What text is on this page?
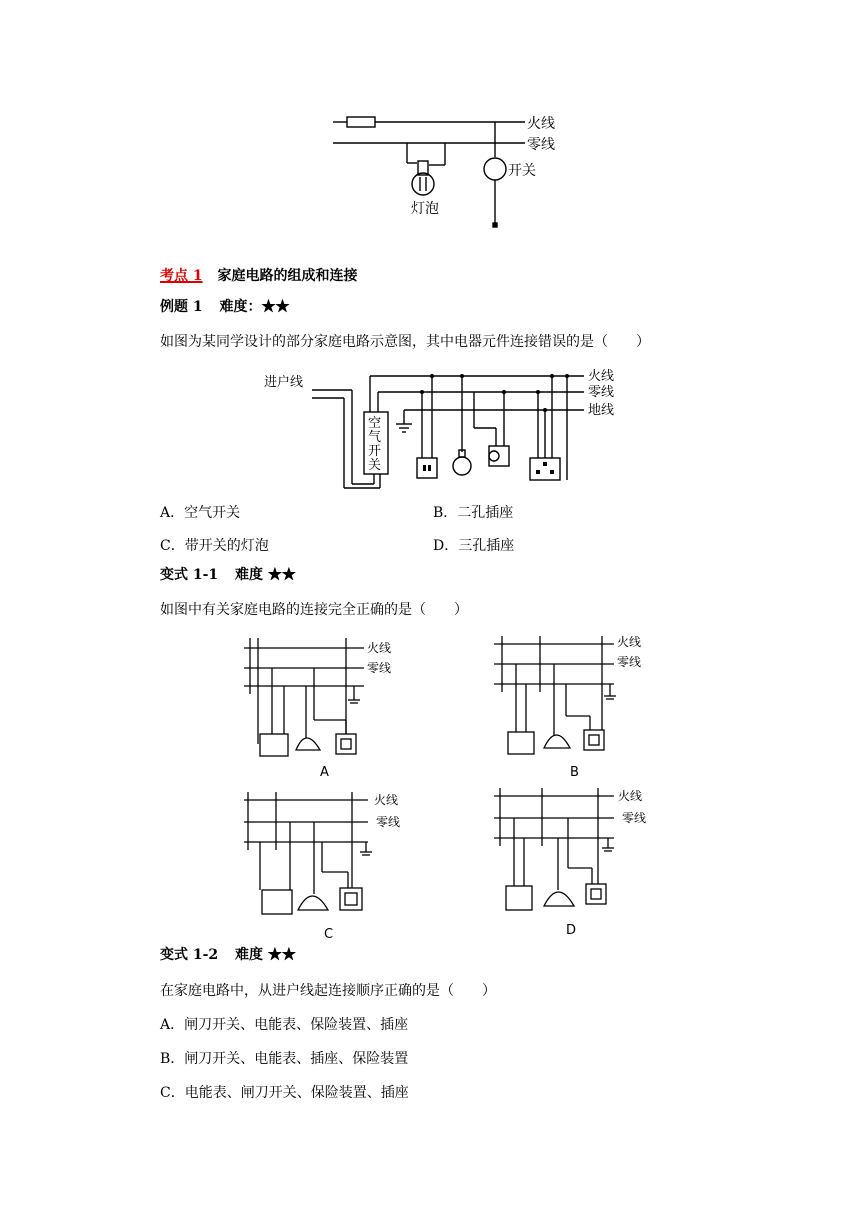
火线
零线
开关
灯泡
考点 1 家庭电路的组成和连接
例题 1 难度：★★
如图为某同学设计的部分家庭电路示意图，其中电器元件连接错误的是（　　）
进户线	火线
零线
地线
空
气
开
关
A．空气开关	B．二孔插座
C．带开关的灯泡	D．三孔插座
变式 1-1 难度 ★★
如图中有关家庭电路的连接完全正确的是（　　）
火线
零线
A
火线
零线
B
火线
零线
C
火线
零线
D
变式 1-2 难度 ★★
在家庭电路中，从进户线起连接顺序正确的是（　　）
A．闸刀开关、电能表、保险装置、插座
B．闸刀开关、电能表、插座、保险装置
C．电能表、闸刀开关、保险装置、插座
